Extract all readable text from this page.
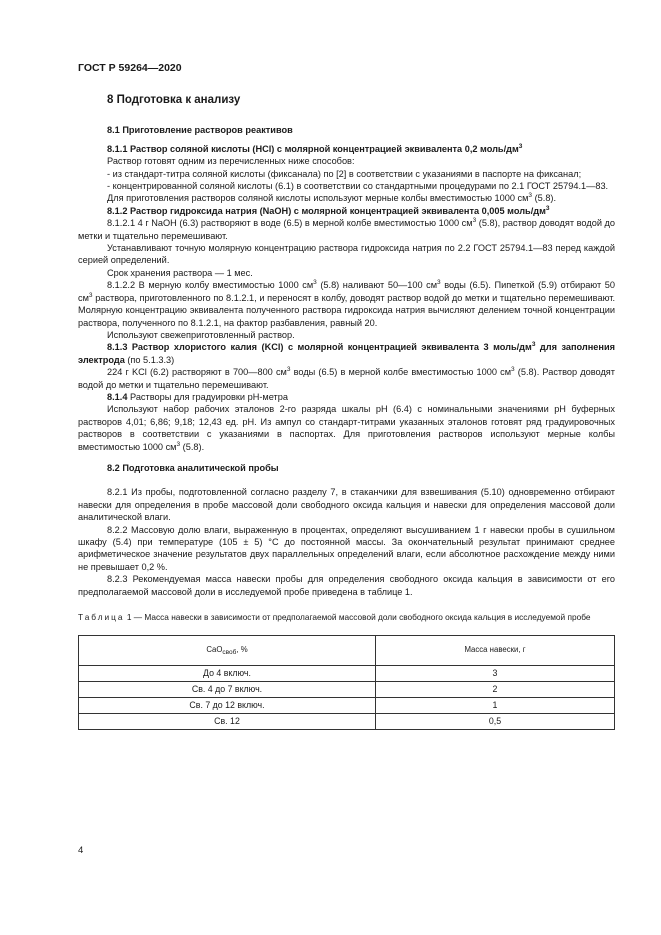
ГОСТ Р 59264—2020
8 Подготовка к анализу
8.1 Приготовление растворов реактивов

8.1.1 Раствор соляной кислоты (HCl) с молярной концентрацией эквивалента 0,2 моль/$дм^3$

Раствор готовят одним из перечисленных ниже способов:

- из стандарт-титра соляной кислоты (фиксанала) по [2] в соответствии с указаниями в паспорте на фиксанал;

- концентрированной соляной кислоты (6.1) в соответствии со стандартными процедурами по 2.1 ГОСТ 25794.1—83.

Для приготовления растворов соляной кислоты используют мерные колбы вместимостью 1000 $см^3$ (5.8).

8.1.2 Раствор гидроксида натрия (NaOH) с молярной концентрацией эквивалента 0,005 моль/$дм^3$

8.1.2.1 4 г NaOH (6.3) растворяют в воде (6.5) в мерной колбе вместимостью 1000 $см^3$ (5.8), раствор доводят водой до метки и тщательно перемешивают.

Устанавливают точную молярную концентрацию раствора гидроксида натрия по 2.2 ГОСТ 25794.1—83 перед каждой серией определений.

Срок хранения раствора — 1 мес.

8.1.2.2 В мерную колбу вместимостью 1000 $см^3$ (5.8) наливают 50—100 $см^3$ воды (6.5). Пипеткой (5.9) отбирают 50 $см^3$ раствора, приготовленного по 8.1.2.1, и переносят в колбу, доводят раствор водой до метки и тщательно перемешивают. Молярную концентрацию эквивалента полученного раствора гидроксида натрия вычисляют делением точной концентрации раствора, полученного по 8.1.2.1, на фактор разбавления, равный 20.

Используют свежеприготовленный раствор.

8.1.3 Раствор хлористого калия (KCl) с молярной концентрацией эквивалента 3 моль/$дм^3$ для заполнения электрода (по 5.1.3.3)

224 г KCl (6.2) растворяют в 700—800 $см^3$ воды (6.5) в мерной колбе вместимостью 1000 $см^3$ (5.8). Раствор доводят водой до метки и тщательно перемешивают.

8.1.4 Растворы для градуировки pH-метра

Используют набор рабочих эталонов 2-го разряда шкалы pH (6.4) с номинальными значениями pH буферных растворов 4,01; 6,86; 9,18; 12,43 ед. pH. Из ампул со стандарт-титрами указанных эталонов готовят ряд градуировочных растворов в соответствии с указаниями в паспортах. Для приготовления растворов используют мерные колбы вместимостью 1000 $см^3$ (5.8).

8.2 Подготовка аналитической пробы

8.2.1 Из пробы, подготовленной согласно разделу 7, в стаканчики для взвешивания (5.10) одновременно отбирают навески для определения в пробе массовой доли свободного оксида кальция и навески для определения массовой доли аналитической влаги.

8.2.2 Массовую долю влаги, выраженную в процентах, определяют высушиванием 1 г навески пробы в сушильном шкафу (5.4) при температуре (105 ± 5) °С до постоянной массы. За окончательный результат принимают среднее арифметическое значение результатов двух параллельных определений влаги, если абсолютное расхождение между ними не превышает 0,2 %.

8.2.3 Рекомендуемая масса навески пробы для определения свободного оксида кальция в зависимости от его предполагаемой массовой доли в исследуемой пробе приведена в таблице 1.

Таблица 1 — Масса навески в зависимости от предполагаемой массовой доли свободного оксида кальция в исследуемой пробе
CaO$_{своб}$, %	Масса навески, г
До 4 включ.	3
Св. 4 до 7 включ.	2
Св. 7 до 12 включ.	1
Св. 12	0,5
4
